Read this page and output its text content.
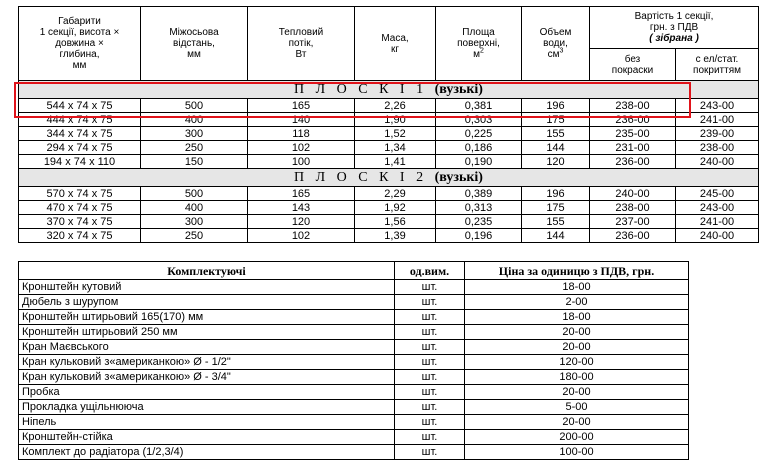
Габарити
1 секції, висота ×
довжина ×
глибина,
мм	Міжосьова
відстань,
мм	Тепловий
потік,
Вт	Маса,
кг	Площа
поверхні,
$м^2$	Объем
води,
$см^3$	Вартість 1 секції,
грн. з ПДВ
( зібрана )	
						без
покраски	с ел/стат.
покриттям
П Л О С К І 1 (вузькі)							
544 x 74 x 75	500	165	2,26	0,381	196	238-00	243-00
444 x 74 x 75	400	140	1,90	0,303	175	236-00	241-00
344 x 74 x 75	300	118	1,52	0,225	155	235-00	239-00
294 x 74 x 75	250	102	1,34	0,186	144	231-00	238-00
194 x 74 x 110	150	100	1,41	0,190	120	236-00	240-00
П Л О С К І 2 (вузькі)							
570 x 74 x 75	500	165	2,29	0,389	196	240-00	245-00
470 x 74 x 75	400	143	1,92	0,313	175	238-00	243-00
370 x 74 x 75	300	120	1,56	0,235	155	237-00	241-00
320 x 74 x 75	250	102	1,39	0,196	144	236-00	240-00
Комплектуючі	од.вим.	Ціна за одиницю з ПДВ, грн.
Кронштейн кутовий	шт.	18-00
Дюбель з шурупом	шт.	2-00
Кронштейн штирьовий 165(170) мм	шт.	18-00
Кронштейн штирьовий 250 мм	шт.	20-00
Кран Маєвського	шт.	20-00
Кран кульковий з«американкою» Ø - 1/2"	шт.	120-00
Кран кульковий з«американкою» Ø - 3/4"	шт.	180-00
Пробка	шт.	20-00
Прокладка ущільнююча	шт.	5-00
Ніпель	шт.	20-00
Кронштейн-стійка	шт.	200-00
Комплект до радіатора (1/2,3/4)	шт.	100-00
